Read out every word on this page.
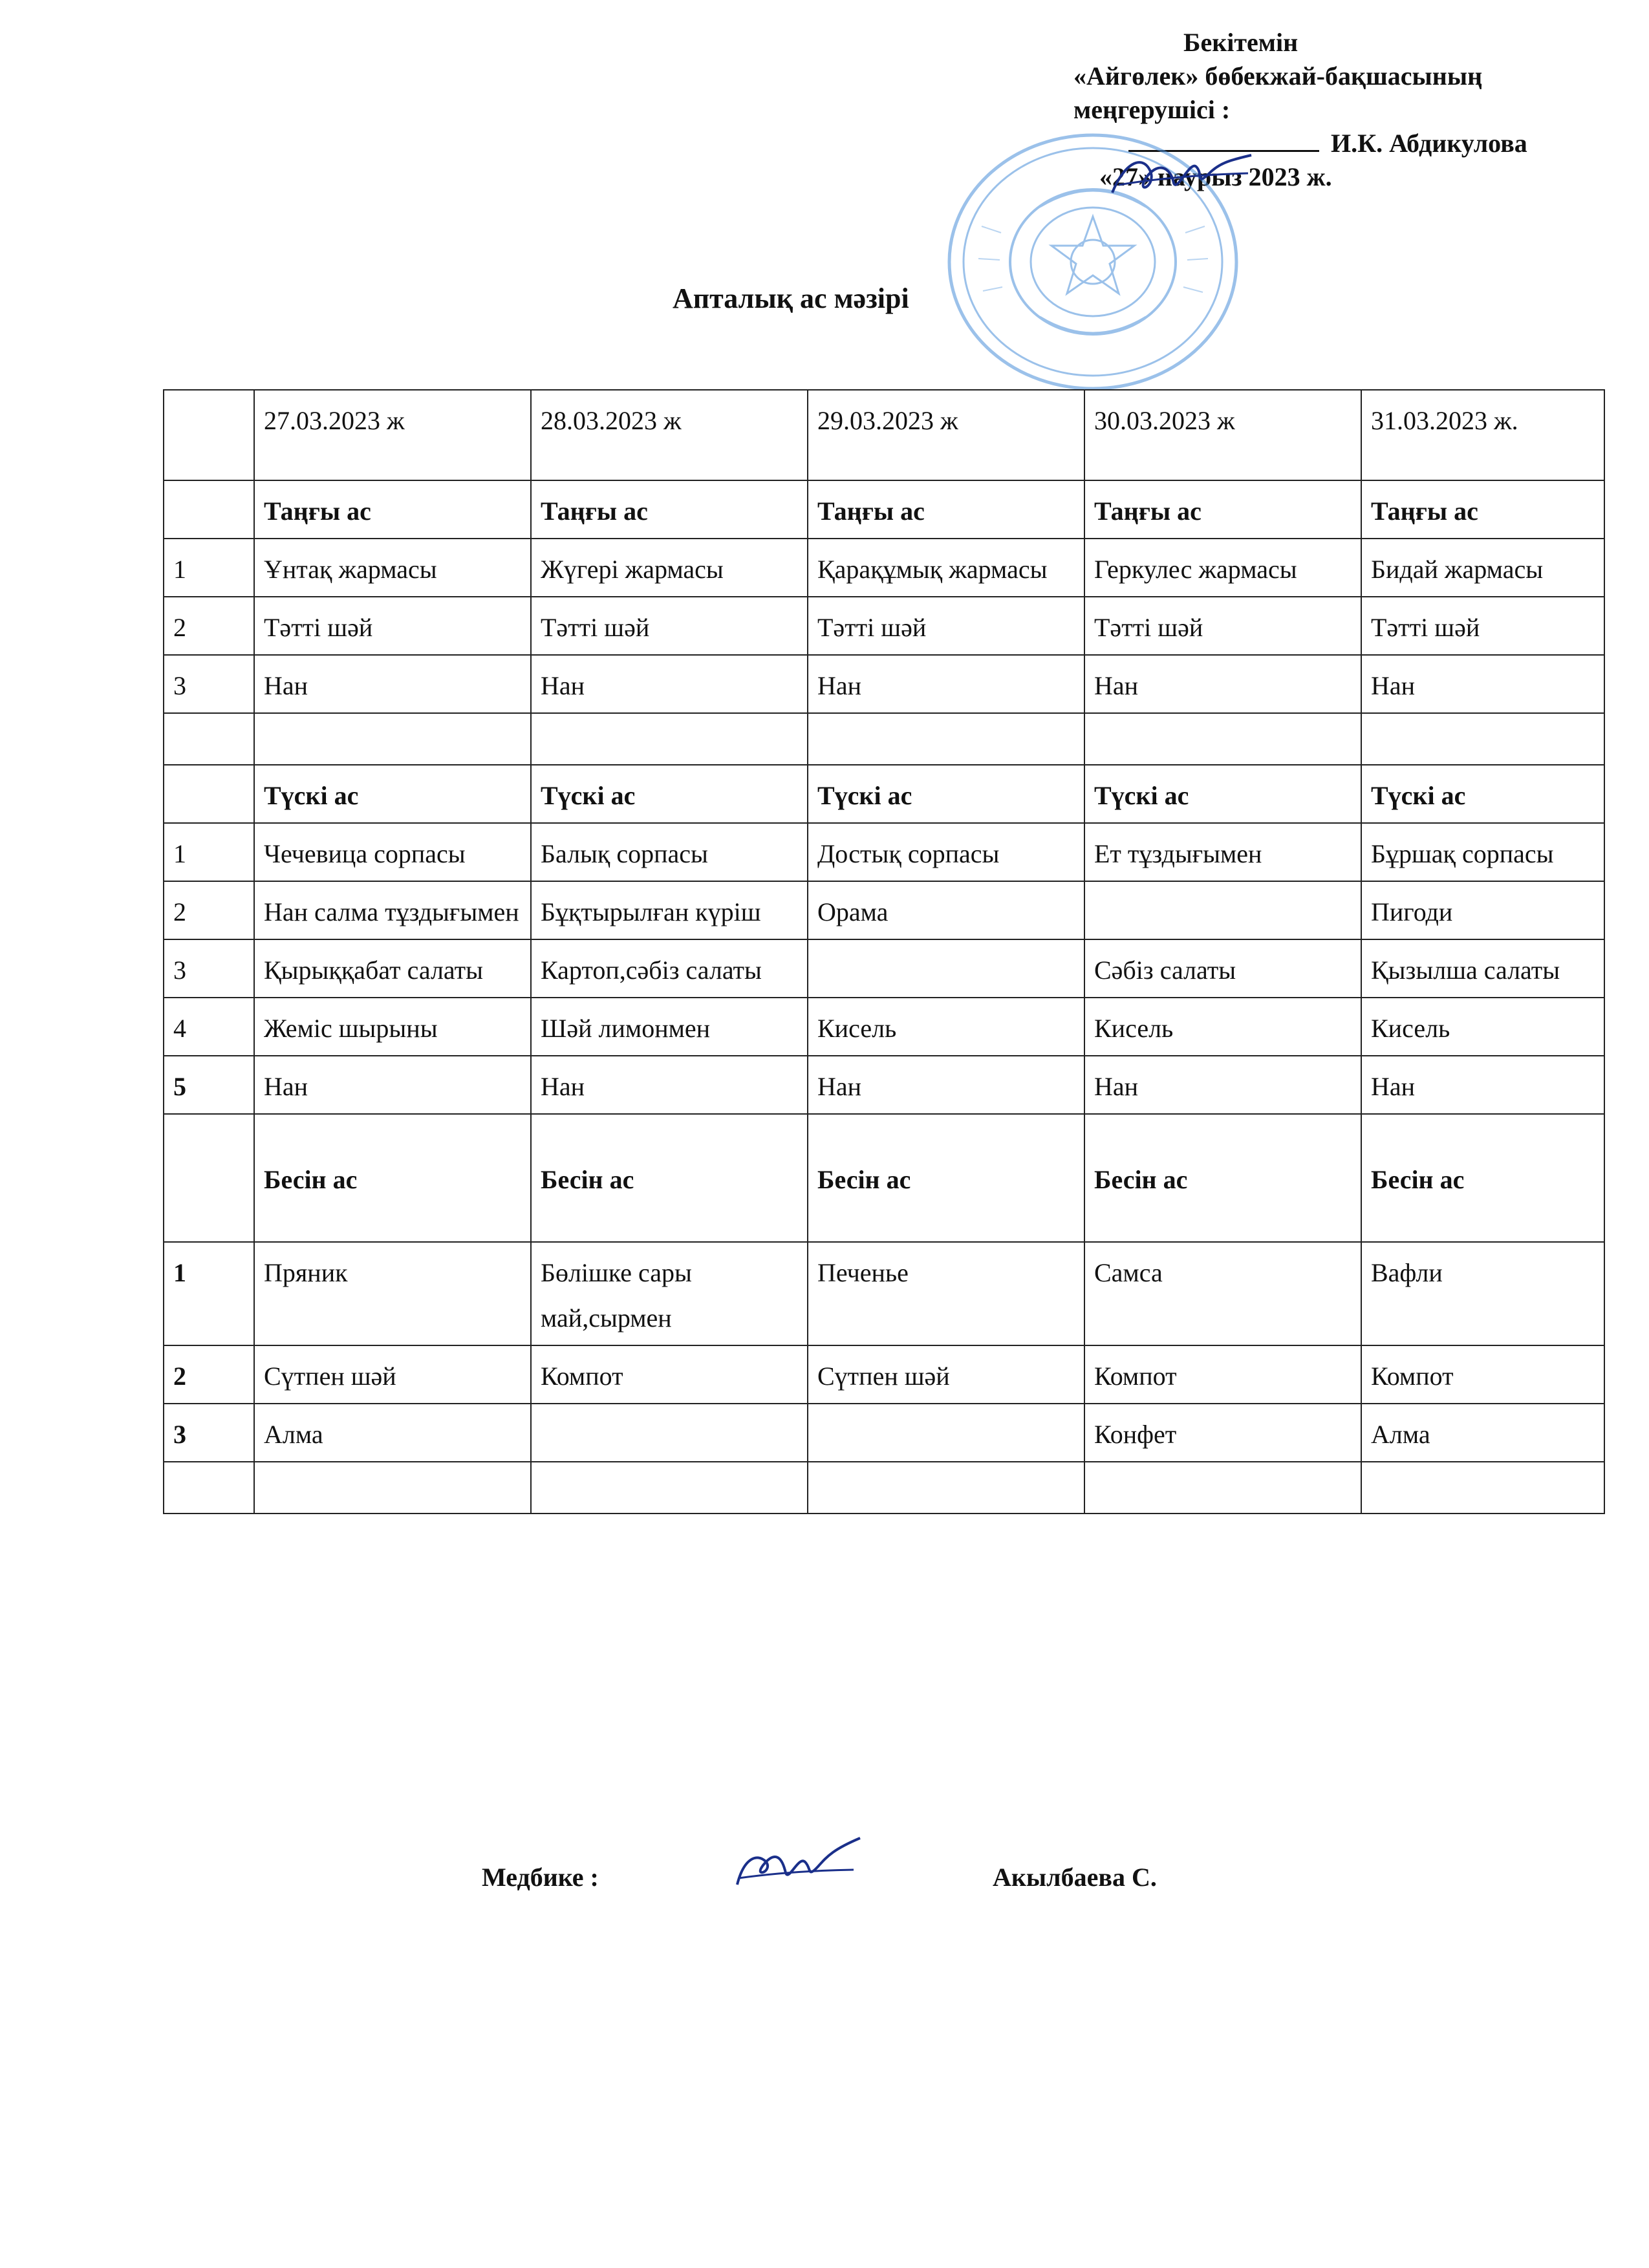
Бекітемін
«Айгөлек» бөбекжай-бақшасының
меңгерушісі :
И.К. Абдикулова
«27» наурыз 2023 ж.
Апталық ас мәзірі
	27.03.2023 ж	28.03.2023 ж	29.03.2023 ж	30.03.2023 ж	31.03.2023 ж.
	Таңғы ас	Таңғы ас	Таңғы ас	Таңғы ас	Таңғы ас
1	Ұнтақ жармасы	Жүгері жармасы	Қарақұмық жармасы	Геркулес жармасы	Бидай жармасы
2	Тәтті шәй	Тәтті шәй	Тәтті шәй	Тәтті шәй	Тәтті шәй
3	Нан	Нан	Нан	Нан	Нан

	Түскі ас	Түскі ас	Түскі ас	Түскі ас	Түскі ас
1	Чечевица сорпасы	Балық сорпасы	Достық сорпасы	Ет тұздығымен	Бұршақ сорпасы
2	Нан салма тұздығымен	Бұқтырылған күріш	Орама		Пигоди
3	Қырыққабат салаты	Картоп,сәбіз салаты		Сәбіз салаты	Қызылша салаты
4	Жеміс шырыны	Шәй лимонмен	Кисель	Кисель	Кисель
5	Нан	Нан	Нан	Нан	Нан
	Бесін ас	Бесін ас	Бесін ас	Бесін ас	Бесін ас
1	Пряник	Бөлішке сары май,сырмен	Печенье	Самса	Вафли
2	Сүтпен шәй	Компот	Сүтпен шәй	Компот	Компот
3	Алма			Конфет	Алма

Медбике :	Акылбаева С.
